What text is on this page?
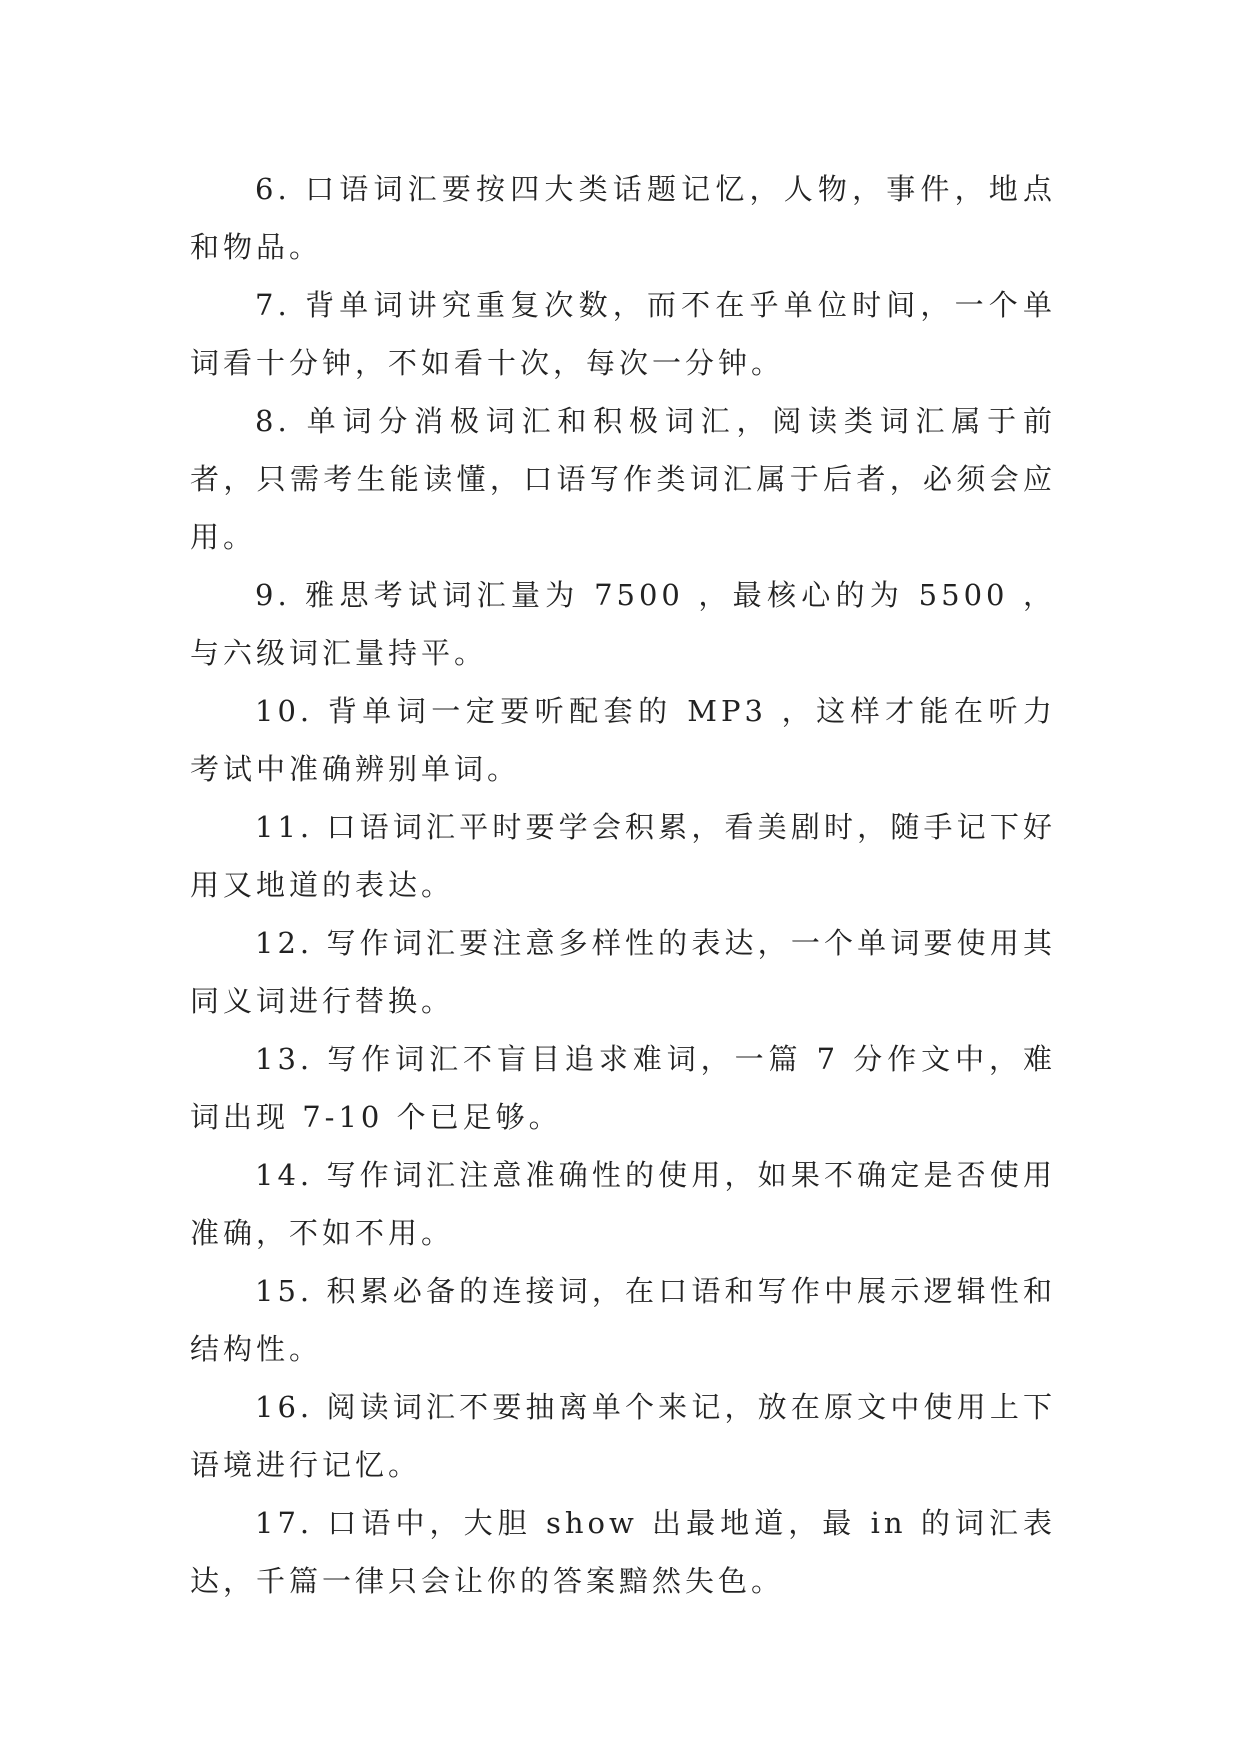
6. 口语词汇要按四大类话题记忆，人物，事件，地点和物品。

7. 背单词讲究重复次数，而不在乎单位时间，一个单词看十分钟，不如看十次，每次一分钟。

8. 单词分消极词汇和积极词汇，阅读类词汇属于前者，只需考生能读懂，口语写作类词汇属于后者，必须会应用。

9. 雅思考试词汇量为 7500 ，最核心的为 5500 ，与六级词汇量持平。

10. 背单词一定要听配套的 MP3 ，这样才能在听力考试中准确辨别单词。

11. 口语词汇平时要学会积累，看美剧时，随手记下好用又地道的表达。

12. 写作词汇要注意多样性的表达，一个单词要使用其同义词进行替换。

13. 写作词汇不盲目追求难词，一篇 7 分作文中，难词出现 7-10 个已足够。

14. 写作词汇注意准确性的使用，如果不确定是否使用准确，不如不用。

15. 积累必备的连接词，在口语和写作中展示逻辑性和结构性。

16. 阅读词汇不要抽离单个来记，放在原文中使用上下语境进行记忆。

17. 口语中，大胆 show 出最地道，最 in 的词汇表达，千篇一律只会让你的答案黯然失色。
